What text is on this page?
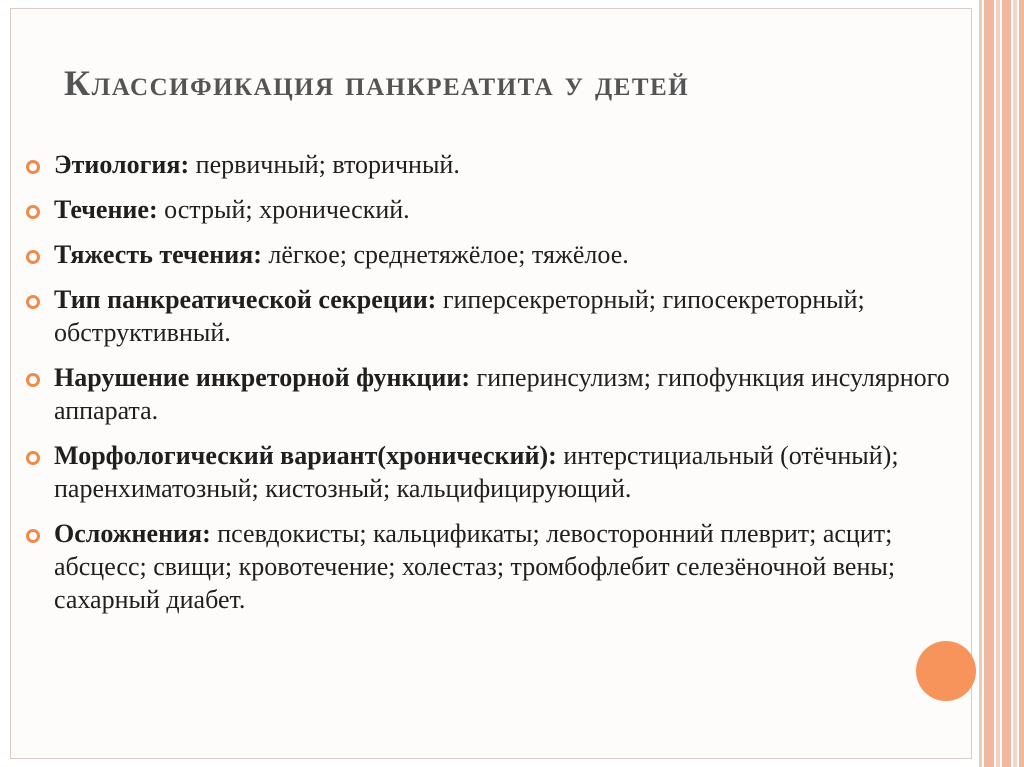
Классификация панкреатита у детей
Этиология: первичный; вторичный.
Течение: острый; хронический.
Тяжесть течения: лёгкое; среднетяжёлое; тяжёлое.
Тип панкреатической секреции: гиперсекреторный; гипосекреторный; обструктивный.
Нарушение инкреторной функции: гиперинсулизм; гипофункция инсулярного аппарата.
Морфологический вариант(хронический): интерстициальный (отёчный); паренхиматозный; кистозный; кальцифицирующий.
Осложнения: псевдокисты; кальцификаты; левосторонний плеврит; асцит; абсцесс; свищи; кровотечение; холестаз; тромбофлебит селезёночной вены; сахарный диабет.
